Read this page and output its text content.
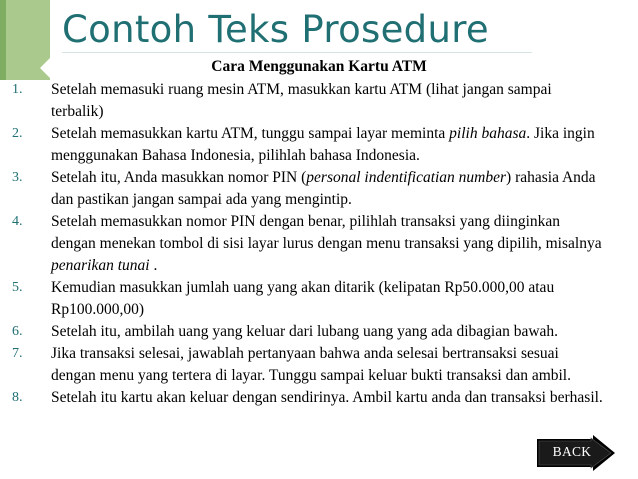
Contoh Teks Prosedure
Cara Menggunakan Kartu ATM
1. Setelah memasuki ruang mesin ATM, masukkan kartu ATM (lihat jangan sampai terbalik)
2. Setelah memasukkan kartu ATM, tunggu sampai layar meminta pilih bahasa. Jika ingin menggunakan Bahasa Indonesia, pilihlah bahasa Indonesia.
3. Setelah itu, Anda masukkan nomor PIN (personal indentificatian number) rahasia Anda dan pastikan jangan sampai ada yang mengintip.
4. Setelah memasukkan nomor PIN dengan benar, pilihlah transaksi yang diinginkan dengan menekan tombol di sisi layar lurus dengan menu transaksi yang dipilih, misalnya penarikan tunai .
5. Kemudian masukkan jumlah uang yang akan ditarik (kelipatan Rp50.000,00 atau Rp100.000,00)
6. Setelah itu, ambilah uang yang keluar dari lubang uang yang ada dibagian bawah.
7. Jika transaksi selesai, jawablah pertanyaan bahwa anda selesai bertransaksi sesuai dengan menu yang tertera di layar. Tunggu sampai keluar bukti transaksi dan ambil.
8. Setelah itu kartu akan keluar dengan sendirinya. Ambil kartu anda dan transaksi berhasil.
BACK
